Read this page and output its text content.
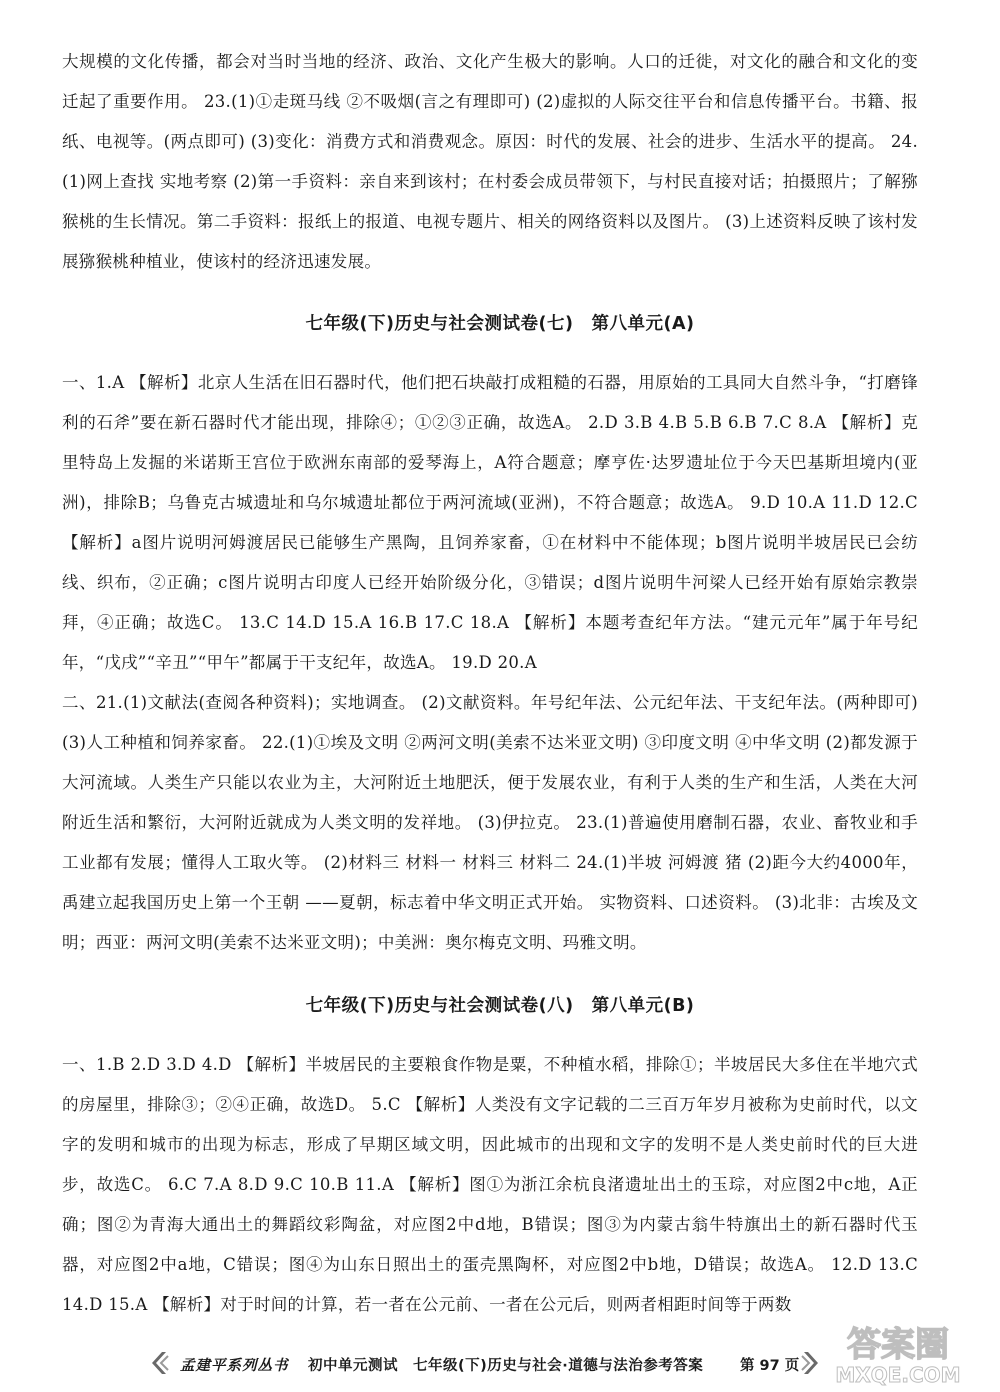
大规模的文化传播，都会对当时当地的经济、政治、文化产生极大的影响。人口的迁徙，对文化的融合和文化的变迁起了重要作用。 23.(1)①走斑马线 ②不吸烟(言之有理即可) (2)虚拟的人际交往平台和信息传播平台。书籍、报纸、电视等。(两点即可) (3)变化：消费方式和消费观念。原因：时代的发展、社会的进步、生活水平的提高。 24.(1)网上查找 实地考察 (2)第一手资料：亲自来到该村；在村委会成员带领下，与村民直接对话；拍摄照片；了解猕猴桃的生长情况。第二手资料：报纸上的报道、电视专题片、相关的网络资料以及图片。 (3)上述资料反映了该村发展猕猴桃种植业，使该村的经济迅速发展。

七年级(下)历史与社会测试卷(七)　第八单元(A)

一、1.A 【解析】北京人生活在旧石器时代，他们把石块敲打成粗糙的石器，用原始的工具同大自然斗争，“打磨锋利的石斧”要在新石器时代才能出现，排除④；①②③正确，故选A。 2.D 3.B 4.B 5.B 6.B 7.C 8.A 【解析】克里特岛上发掘的米诺斯王宫位于欧洲东南部的爱琴海上，A符合题意；摩亨佐·达罗遗址位于今天巴基斯坦境内(亚洲)，排除B；乌鲁克古城遗址和乌尔城遗址都位于两河流域(亚洲)，不符合题意；故选A。 9.D 10.A 11.D 12.C 【解析】a图片说明河姆渡居民已能够生产黑陶，且饲养家畜，①在材料中不能体现；b图片说明半坡居民已会纺线、织布，②正确；c图片说明古印度人已经开始阶级分化，③错误；d图片说明牛河梁人已经开始有原始宗教崇拜，④正确；故选C。 13.C 14.D 15.A 16.B 17.C 18.A 【解析】本题考查纪年方法。“建元元年”属于年号纪年，“戊戌”“辛丑”“甲午”都属于干支纪年，故选A。 19.D 20.A

二、21.(1)文献法(查阅各种资料)；实地调查。 (2)文献资料。年号纪年法、公元纪年法、干支纪年法。(两种即可) (3)人工种植和饲养家畜。 22.(1)①埃及文明 ②两河文明(美索不达米亚文明) ③印度文明 ④中华文明 (2)都发源于大河流域。人类生产只能以农业为主，大河附近土地肥沃，便于发展农业，有利于人类的生产和生活，人类在大河附近生活和繁衍，大河附近就成为人类文明的发祥地。 (3)伊拉克。 23.(1)普遍使用磨制石器，农业、畜牧业和手工业都有发展；懂得人工取火等。 (2)材料三 材料一 材料三 材料二 24.(1)半坡 河姆渡 猪 (2)距今大约4000年，禹建立起我国历史上第一个王朝 ——夏朝，标志着中华文明正式开始。 实物资料、口述资料。 (3)北非：古埃及文明；西亚：两河文明(美索不达米亚文明)；中美洲：奥尔梅克文明、玛雅文明。

七年级(下)历史与社会测试卷(八)　第八单元(B)

一、1.B 2.D 3.D 4.D 【解析】半坡居民的主要粮食作物是粟，不种植水稻，排除①；半坡居民大多住在半地穴式的房屋里，排除③；②④正确，故选D。 5.C 【解析】人类没有文字记载的二三百万年岁月被称为史前时代，以文字的发明和城市的出现为标志，形成了早期区域文明，因此城市的出现和文字的发明不是人类史前时代的巨大进步，故选C。 6.C 7.A 8.D 9.C 10.B 11.A 【解析】图①为浙江余杭良渚遗址出土的玉琮，对应图2中c地，A正确；图②为青海大通出土的舞蹈纹彩陶盆，对应图2中d地，B错误；图③为内蒙古翁牛特旗出土的新石器时代玉器，对应图2中a地，C错误；图④为山东日照出土的蛋壳黑陶杯，对应图2中b地，D错误；故选A。 12.D 13.C 14.D 15.A 【解析】对于时间的计算，若一者在公元前、一者在公元后，则两者相距时间等于两数

孟建平系列丛书 初中单元测试　七年级(下)历史与社会·道德与法治参考答案	第 97 页
答案圈
MXQE.COM
